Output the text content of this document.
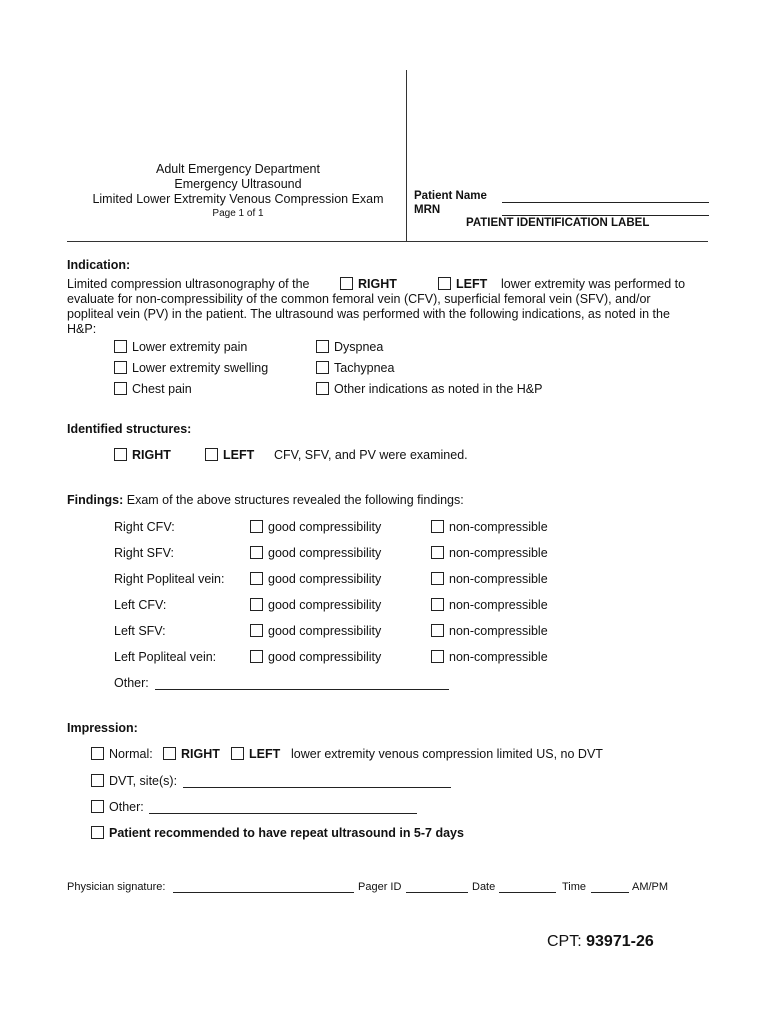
Adult Emergency Department
Emergency Ultrasound
Limited Lower Extremity Venous Compression Exam
Page 1 of 1
Patient Name
MRN
PATIENT IDENTIFICATION LABEL
Indication:
Limited compression ultrasonography of the	RIGHT	LEFT lower extremity was performed to
evaluate for non-compressibility of the common femoral vein (CFV), superficial femoral vein (SFV), and/or
popliteal vein (PV) in the patient. The ultrasound was performed with the following indications, as noted in the
H&P:
Lower extremity pain	Dyspnea
Lower extremity swelling	Tachypnea
Chest pain	Other indications as noted in the H&P
Identified structures:
RIGHT	LEFT CFV, SFV, and PV were examined.
Findings: Exam of the above structures revealed the following findings:
Right CFV:	good compressibility	non-compressible
Right SFV:	good compressibility	non-compressible
Right Popliteal vein:	good compressibility	non-compressible
Left CFV:	good compressibility	non-compressible
Left SFV:	good compressibility	non-compressible
Left Popliteal vein:	good compressibility	non-compressible
Other:
Impression:
Normal:	RIGHT	LEFT lower extremity venous compression limited US, no DVT
DVT, site(s):
Other:
Patient recommended to have repeat ultrasound in 5-7 days
Physician signature:	Pager ID	Date	Time	AM/PM
CPT: 93971-26
